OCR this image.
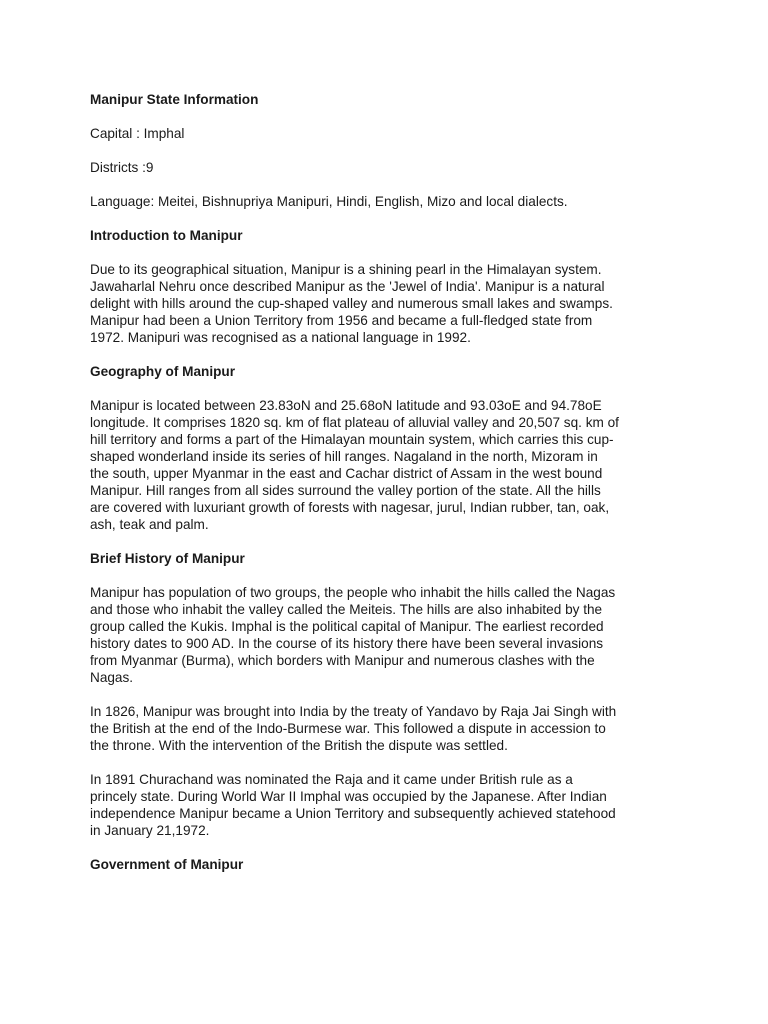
Manipur State Information
Capital : Imphal
Districts :9
Language: Meitei, Bishnupriya Manipuri, Hindi, English, Mizo and local dialects.
Introduction to Manipur
Due to its geographical situation, Manipur is a shining pearl in the Himalayan system.
Jawaharlal Nehru once described Manipur as the 'Jewel of India'. Manipur is a natural
delight with hills around the cup-shaped valley and numerous small lakes and swamps.
Manipur had been a Union Territory from 1956 and became a full-fledged state from
1972. Manipuri was recognised as a national language in 1992.
Geography of Manipur
Manipur is located between 23.83oN and 25.68oN latitude and 93.03oE and 94.78oE
longitude. It comprises 1820 sq. km of flat plateau of alluvial valley and 20,507 sq. km of
hill territory and forms a part of the Himalayan mountain system, which carries this cup-
shaped wonderland inside its series of hill ranges. Nagaland in the north, Mizoram in
the south, upper Myanmar in the east and Cachar district of Assam in the west bound
Manipur. Hill ranges from all sides surround the valley portion of the state. All the hills
are covered with luxuriant growth of forests with nagesar, jurul, Indian rubber, tan, oak,
ash, teak and palm.
Brief History of Manipur
Manipur has population of two groups, the people who inhabit the hills called the Nagas
and those who inhabit the valley called the Meiteis. The hills are also inhabited by the
group called the Kukis. Imphal is the political capital of Manipur. The earliest recorded
history dates to 900 AD. In the course of its history there have been several invasions
from Myanmar (Burma), which borders with Manipur and numerous clashes with the
Nagas.
In 1826, Manipur was brought into India by the treaty of Yandavo by Raja Jai Singh with
the British at the end of the Indo-Burmese war. This followed a dispute in accession to
the throne. With the intervention of the British the dispute was settled.
In 1891 Churachand was nominated the Raja and it came under British rule as a
princely state. During World War II Imphal was occupied by the Japanese. After Indian
independence Manipur became a Union Territory and subsequently achieved statehood
in January 21,1972.
Government of Manipur
